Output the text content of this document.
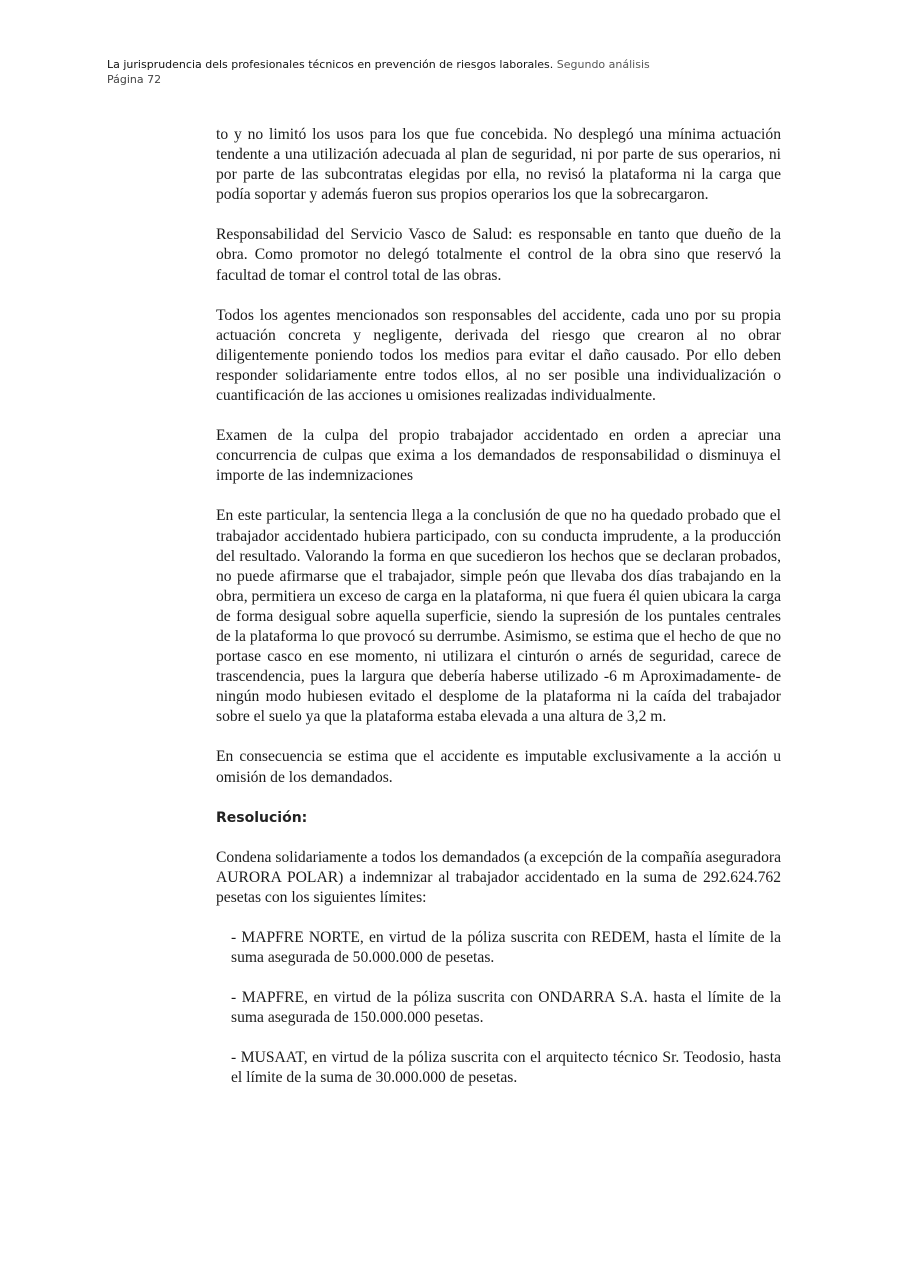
La jurisprudencia dels profesionales técnicos en prevención de riesgos laborales. Segundo análisis
Página 72

to y no limitó los usos para los que fue concebida. No desplegó una mínima actuación tendente a una utilización adecuada al plan de seguridad, ni por parte de sus operarios, ni por parte de las subcontratas elegidas por ella, no revisó la plataforma ni la carga que podía soportar y además fueron sus propios operarios los que la sobrecargaron.

Responsabilidad del Servicio Vasco de Salud: es responsable en tanto que dueño de la obra. Como promotor no delegó totalmente el control de la obra sino que reservó la facultad de tomar el control total de las obras.

Todos los agentes mencionados son responsables del accidente, cada uno por su propia actuación concreta y negligente, derivada del riesgo que crearon al no obrar diligentemente poniendo todos los medios para evitar el daño causado. Por ello deben responder solidariamente entre todos ellos, al no ser posible una individualización o cuantificación de las acciones u omisiones realizadas individualmente.

Examen de la culpa del propio trabajador accidentado en orden a apreciar una concurrencia de culpas que exima a los demandados de responsabilidad o disminuya el importe de las indemnizaciones

En este particular, la sentencia llega a la conclusión de que no ha quedado probado que el trabajador accidentado hubiera participado, con su conducta imprudente, a la producción del resultado. Valorando la forma en que sucedieron los hechos que se declaran probados, no puede afirmarse que el trabajador, simple peón que llevaba dos días trabajando en la obra, permitiera un exceso de carga en la plataforma, ni que fuera él quien ubicara la carga de forma desigual sobre aquella superficie, siendo la supresión de los puntales centrales de la plataforma lo que provocó su derrumbe. Asimismo, se estima que el hecho de que no portase casco en ese momento, ni utilizara el cinturón o arnés de seguridad, carece de trascendencia, pues la largura que debería haberse utilizado -6 m Aproximadamente- de ningún modo hubiesen evitado el desplome de la plataforma ni la caída del trabajador sobre el suelo ya que la plataforma estaba elevada a una altura de 3,2 m.

En consecuencia se estima que el accidente es imputable exclusivamente a la acción u omisión de los demandados.

Resolución:

Condena solidariamente a todos los demandados (a excepción de la compañía aseguradora AURORA POLAR) a indemnizar al trabajador accidentado en la suma de 292.624.762 pesetas con los siguientes límites:

- MAPFRE NORTE, en virtud de la póliza suscrita con REDEM, hasta el límite de la suma asegurada de 50.000.000 de pesetas.

- MAPFRE, en virtud de la póliza suscrita con ONDARRA S.A. hasta el límite de la suma asegurada de 150.000.000 pesetas.

- MUSAAT, en virtud de la póliza suscrita con el arquitecto técnico Sr. Teodosio, hasta el límite de la suma de 30.000.000 de pesetas.
